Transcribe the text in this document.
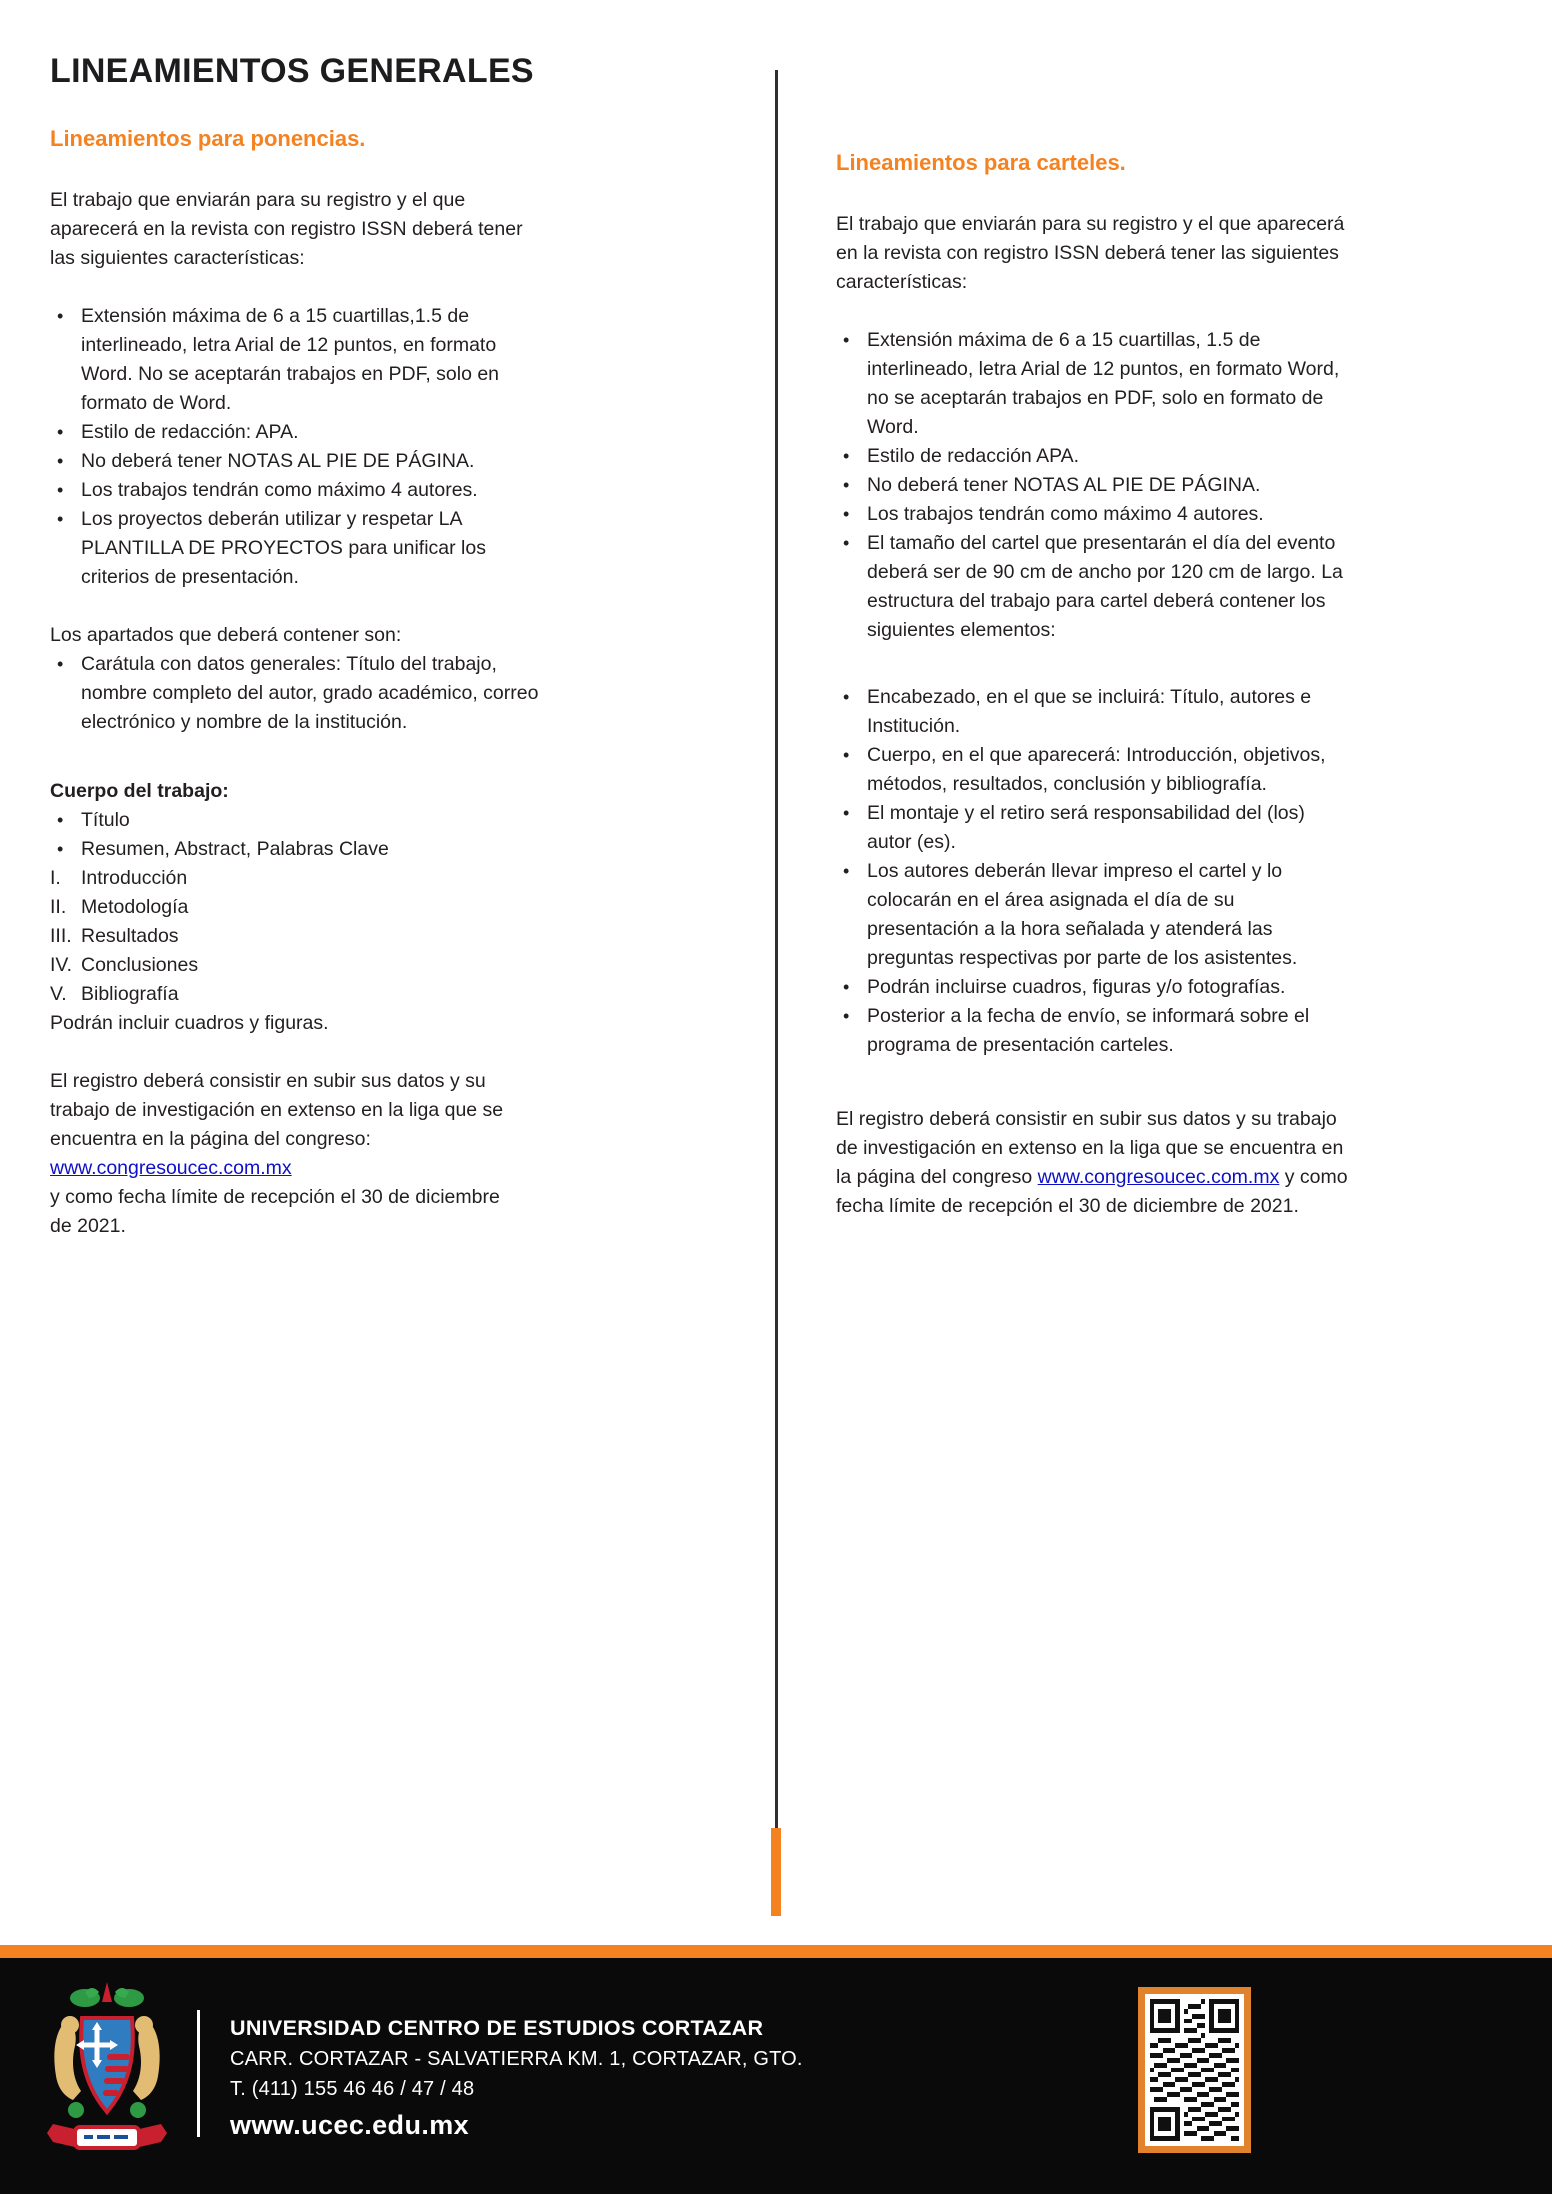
LINEAMIENTOS GENERALES
Lineamientos para ponencias.

El trabajo que enviarán para su registro y el que aparecerá en la revista con registro ISSN deberá tener las siguientes características:

• Extensión máxima de 6 a 15 cuartillas,1.5 de interlineado, letra Arial de 12 puntos, en formato Word. No se aceptarán trabajos en PDF, solo en formato de Word.
• Estilo de redacción: APA.
• No deberá tener NOTAS AL PIE DE PÁGINA.
• Los trabajos tendrán como máximo 4 autores.
• Los proyectos deberán utilizar y respetar LA PLANTILLA DE PROYECTOS para unificar los criterios de presentación.

Los apartados que deberá contener son:

• Carátula con datos generales: Título del trabajo, nombre completo del autor, grado académico, correo electrónico y nombre de la institución.

Cuerpo del trabajo:

• Título
• Resumen, Abstract, Palabras Clave
I.	Introducción
II. Metodología
III. Resultados
IV. Conclusiones
V. Bibliografía

Podrán incluir cuadros y figuras.

El registro deberá consistir en subir sus datos y su trabajo de investigación en extenso en la liga que se encuentra en la página del congreso:
www.congresoucec.com.mx
y como fecha límite de recepción el 30 de diciembre de 2021.
Lineamientos para carteles.

El trabajo que enviarán para su registro y el que aparecerá en la revista con registro ISSN deberá tener las siguientes características:

• Extensión máxima de 6 a 15 cuartillas, 1.5 de interlineado, letra Arial de 12 puntos, en formato Word, no se aceptarán trabajos en PDF, solo en formato de Word.
• Estilo de redacción APA.
• No deberá tener NOTAS AL PIE DE PÁGINA.
• Los trabajos tendrán como máximo 4 autores.
• El tamaño del cartel que presentarán el día del evento deberá ser de 90 cm de ancho por 120 cm de largo. La estructura del trabajo para cartel deberá contener los siguientes elementos:
• Encabezado, en el que se incluirá: Título, autores e Institución.
• Cuerpo, en el que aparecerá: Introducción, objetivos, métodos, resultados, conclusión y bibliografía.
• El montaje y el retiro será responsabilidad del (los) autor (es).
• Los autores deberán llevar impreso el cartel y lo colocarán en el área asignada el día de su presentación a la hora señalada y atenderá las preguntas respectivas por parte de los asistentes.
• Podrán incluirse cuadros, figuras y/o fotografías.
• Posterior a la fecha de envío, se informará sobre el programa de presentación carteles.

El registro deberá consistir en subir sus datos y su trabajo de investigación en extenso en la liga que se encuentra en la página del congreso www.congresoucec.com.mx y como fecha límite de recepción el 30 de diciembre de 2021.

UNIVERSIDAD CENTRO DE ESTUDIOS CORTAZAR
CARR. CORTAZAR - SALVATIERRA KM. 1, CORTAZAR, GTO.
T. (411) 155 46 46 / 47 / 48
www.ucec.edu.mx
